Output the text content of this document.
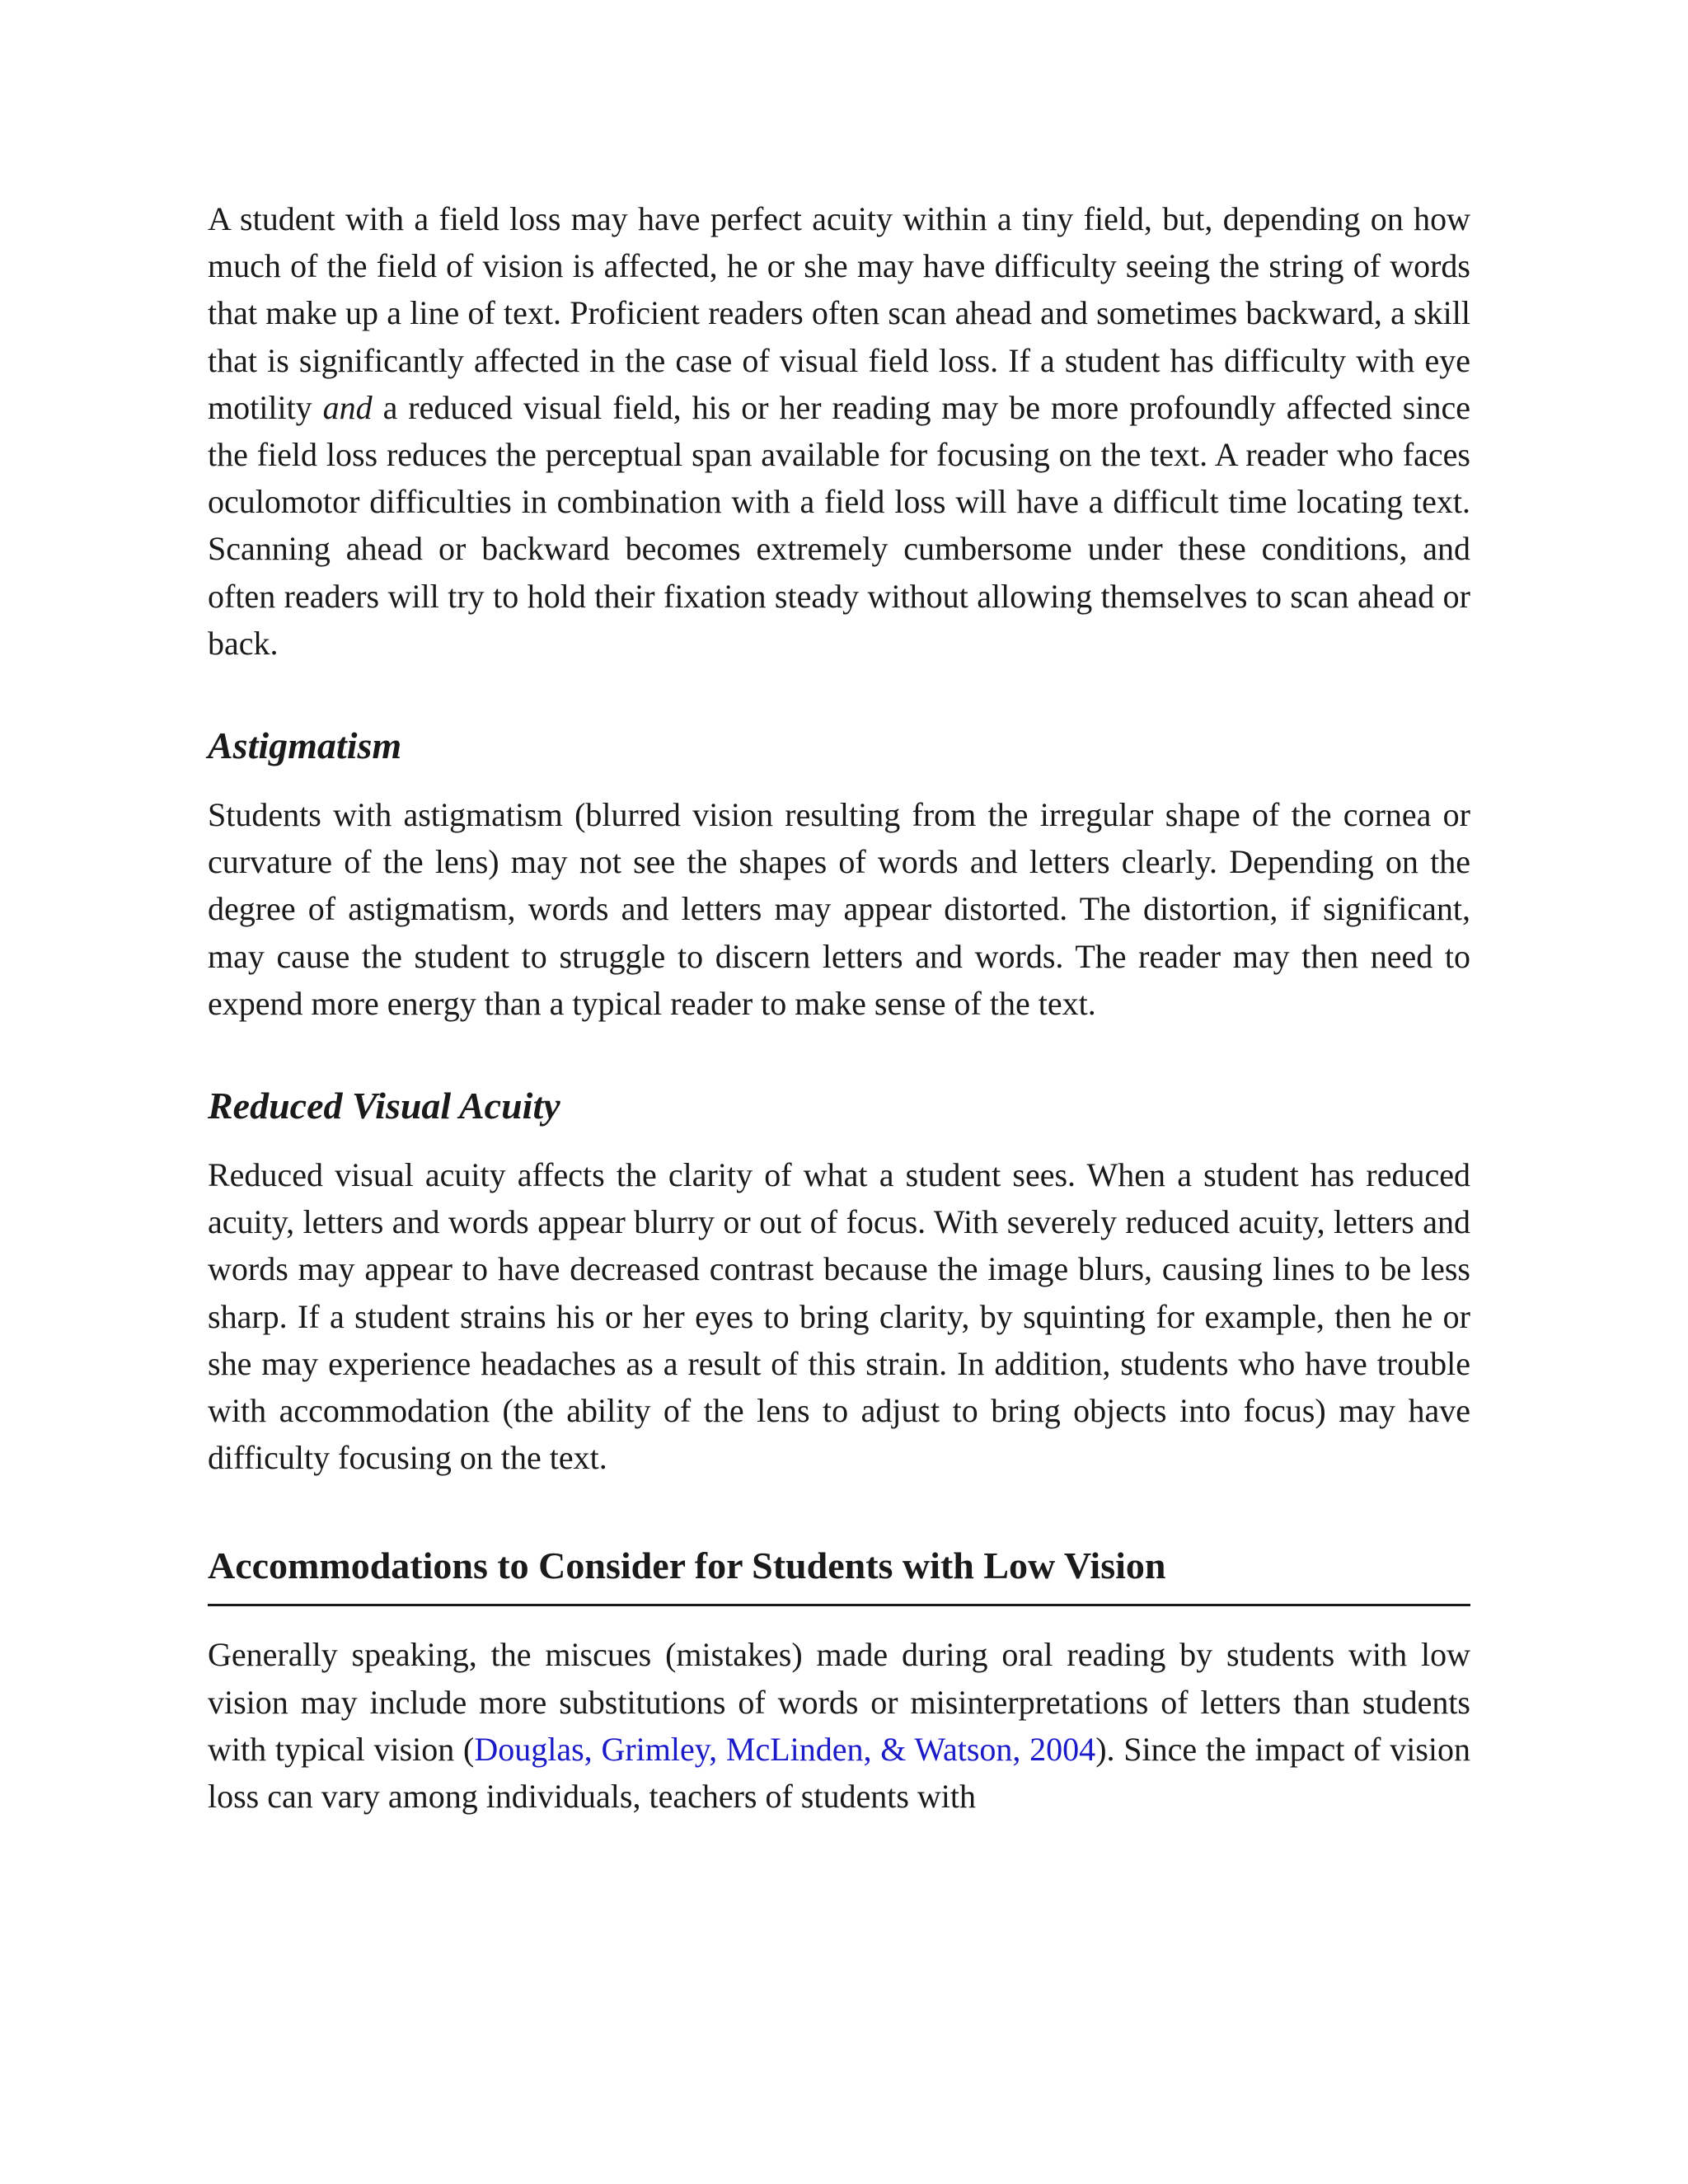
A student with a field loss may have perfect acuity within a tiny field, but, depending on how much of the field of vision is affected, he or she may have difficulty seeing the string of words that make up a line of text. Proficient readers often scan ahead and sometimes backward, a skill that is significantly affected in the case of visual field loss. If a student has difficulty with eye motility and a reduced visual field, his or her reading may be more profoundly affected since the field loss reduces the perceptual span available for focusing on the text. A reader who faces oculomotor difficulties in combination with a field loss will have a difficult time locating text. Scanning ahead or backward becomes extremely cumbersome under these conditions, and often readers will try to hold their fixation steady without allowing themselves to scan ahead or back.

Astigmatism

Students with astigmatism (blurred vision resulting from the irregular shape of the cornea or curvature of the lens) may not see the shapes of words and letters clearly. Depending on the degree of astigmatism, words and letters may appear distorted. The distortion, if significant, may cause the student to struggle to discern letters and words. The reader may then need to expend more energy than a typical reader to make sense of the text.

Reduced Visual Acuity

Reduced visual acuity affects the clarity of what a student sees. When a student has reduced acuity, letters and words appear blurry or out of focus. With severely reduced acuity, letters and words may appear to have decreased contrast because the image blurs, causing lines to be less sharp. If a student strains his or her eyes to bring clarity, by squinting for example, then he or she may experience headaches as a result of this strain. In addition, students who have trouble with accommodation (the ability of the lens to adjust to bring objects into focus) may have difficulty focusing on the text.

Accommodations to Consider for Students with Low Vision

Generally speaking, the miscues (mistakes) made during oral reading by students with low vision may include more substitutions of words or misinterpretations of letters than students with typical vision (Douglas, Grimley, McLinden, & Watson, 2004). Since the impact of vision loss can vary among individuals, teachers of students with
